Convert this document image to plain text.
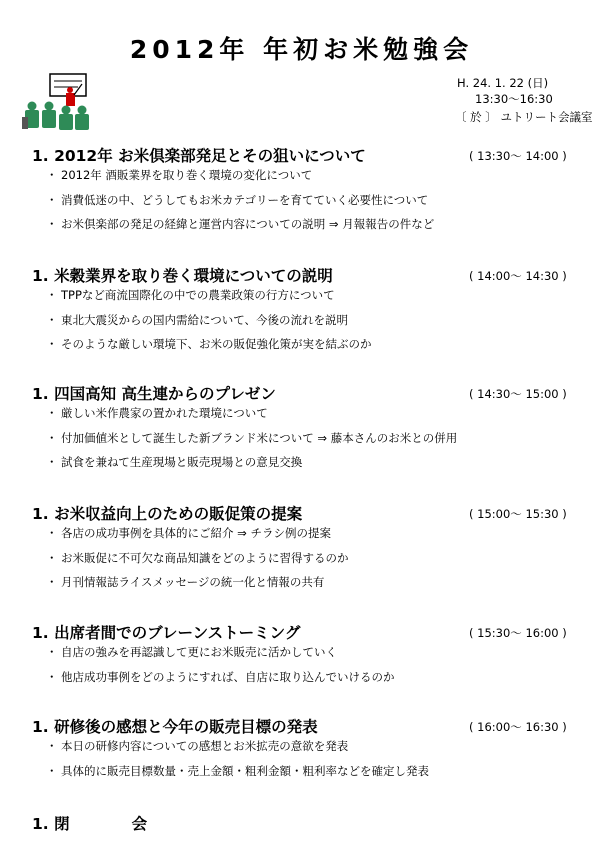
2012年 年初お米勉強会
H. 24. 1. 22 (日)
13:30～16:30
〔 於 〕 ユトリート会議室
1. 2012年 お米倶楽部発足とその狙いについて	( 13:30～ 14:00 )
・ 2012年 酒販業界を取り巻く環境の変化について
・ 消費低迷の中、どうしてもお米カテゴリーを育てていく必要性について
・ お米倶楽部の発足の経緯と運営内容についての説明 ⇒ 月報報告の件など
1. 米穀業界を取り巻く環境についての説明	( 14:00～ 14:30 )
・ TPPなど商流国際化の中での農業政策の行方について
・ 東北大震災からの国内需給について、今後の流れを説明
・ そのような厳しい環境下、お米の販促強化策が実を結ぶのか
1. 四国高知 高生連からのプレゼン	( 14:30～ 15:00 )
・ 厳しい米作農家の置かれた環境について
・ 付加価値米として誕生した新ブランド米について ⇒ 藤本さんのお米との併用
・ 試食を兼ねて生産現場と販売現場との意見交換
1. お米収益向上のための販促策の提案	( 15:00～ 15:30 )
・ 各店の成功事例を具体的にご紹介 ⇒ チラシ例の提案
・ お米販促に不可欠な商品知識をどのように習得するのか
・ 月刊情報誌ライスメッセージの統一化と情報の共有
1. 出席者間でのブレーンストーミング	( 15:30～ 16:00 )
・ 自店の強みを再認識して更にお米販売に活かしていく
・ 他店成功事例をどのようにすれば、自店に取り込んでいけるのか
1. 研修後の感想と今年の販売目標の発表	( 16:00～ 16:30 )
・ 本日の研修内容についての感想とお米拡売の意欲を発表
・ 具体的に販売目標数量・売上金額・粗利金額・粗利率などを確定し発表
1. 閉　　　　会
